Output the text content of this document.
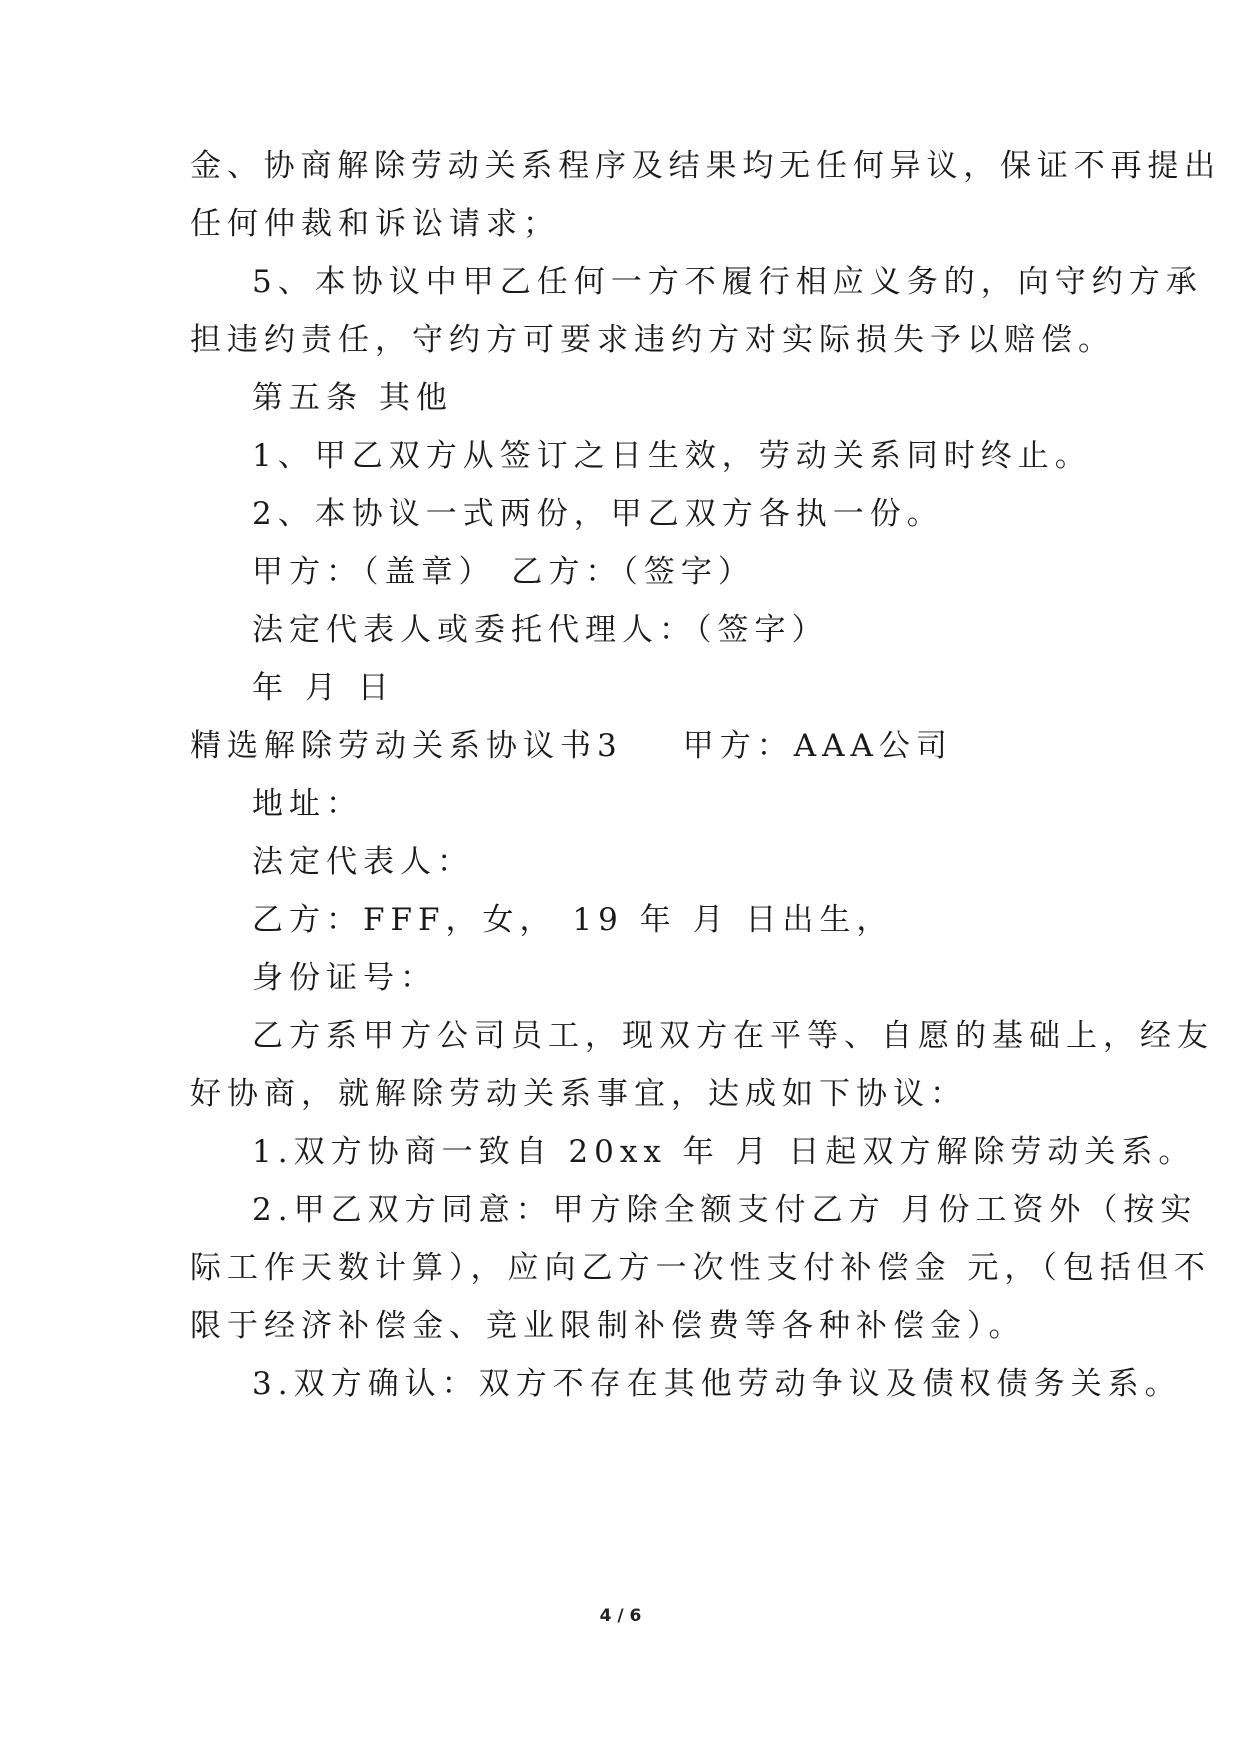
金、协商解除劳动关系程序及结果均无任何异议，保证不再提出
任何仲裁和诉讼请求；
5、本协议中甲乙任何一方不履行相应义务的，向守约方承
担违约责任，守约方可要求违约方对实际损失予以赔偿。
第五条 其他
1、甲乙双方从签订之日生效，劳动关系同时终止。
2、本协议一式两份，甲乙双方各执一份。
甲方：（盖章） 乙方：（签字）
法定代表人或委托代理人：（签字）
年 月 日
精选解除劳动关系协议书3 甲方：AAA公司
地址：
法定代表人：
乙方：FFF，女， 19 年 月 日出生，
身份证号：
乙方系甲方公司员工，现双方在平等、自愿的基础上，经友
好协商，就解除劳动关系事宜，达成如下协议：
1.双方协商一致自 20xx 年 月 日起双方解除劳动关系。
2.甲乙双方同意：甲方除全额支付乙方 月份工资外（按实
际工作天数计算），应向乙方一次性支付补偿金 元，（包括但不
限于经济补偿金、竞业限制补偿费等各种补偿金）。
3.双方确认：双方不存在其他劳动争议及债权债务关系。
4 / 6
